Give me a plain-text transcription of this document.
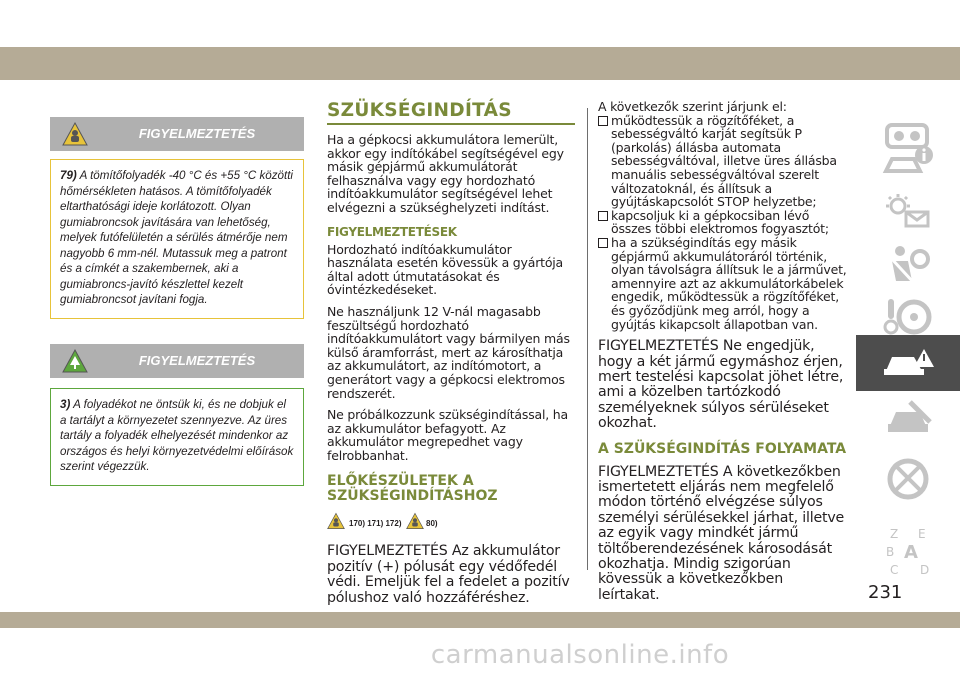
FIGYELMEZTETÉS
79) A tömítőfolyadék -40 °C és +55 °C közötti hőmérsékleten hatásos. A tömítőfolyadék eltarthatósági ideje korlátozott. Olyan gumiabroncsok javítására van lehetőség, melyek futófelületén a sérülés átmérője nem nagyobb 6 mm-nél. Mutassuk meg a patront és a címkét a szakembernek, aki a gumiabroncs-javító készlettel kezelt gumiabroncsot javítani fogja.
FIGYELMEZTETÉS
3) A folyadékot ne öntsük ki, és ne dobjuk el a tartályt a környezetet szennyezve. Az üres tartály a folyadék elhelyezését mindenkor az országos és helyi környezetvédelmi előírások szerint végezzük.
SZÜKSÉGINDÍTÁS

Ha a gépkocsi akkumulátora lemerült, akkor egy indítókábel segítségével egy másik gépjármű akkumulátorát felhasználva vagy egy hordozható indítóakkumulátor segítségével lehet elvégezni a szükséghelyzeti indítást.

FIGYELMEZTETÉSEK

Hordozható indítóakkumulátor használata esetén kövessük a gyártója által adott útmutatásokat és óvintézkedéseket.

Ne használjunk 12 V-nál magasabb feszültségű hordozható indítóakkumulátort vagy bármilyen más külső áramforrást, mert az károsíthatja az akkumulátort, az indítómotort, a generátort vagy a gépkocsi elektromos rendszerét.

Ne próbálkozzunk szükségindítással, ha az akkumulátor befagyott. Az akkumulátor megrepedhet vagy felrobbanhat.

ELŐKÉSZÜLETEK A SZÜKSÉGINDÍTÁSHOZ
170) 171) 172)	80)

FIGYELMEZTETÉS Az akkumulátor pozitív (+) pólusát egy védőfedél védi. Emeljük fel a fedelet a pozitív pólushoz való hozzáféréshez.

A következők szerint járjunk el:

működtessük a rögzítőféket, a sebességváltó karját segítsük P (parkolás) állásba automata sebességváltóval, illetve üres állásba manuális sebességváltóval szerelt változatoknál, és állítsuk a gyújtáskapcsolót STOP helyzetbe;
kapcsoljuk ki a gépkocsiban lévő összes többi elektromos fogyasztót;
ha a szükségindítás egy másik gépjármű akkumulátoráról történik, olyan távolságra állítsuk le a járművet, amennyire azt az akkumulátorkábelek engedik, működtessük a rögzítőféket, és győződjünk meg arról, hogy a gyújtás kikapcsolt állapotban van.

FIGYELMEZTETÉS Ne engedjük, hogy a két jármű egymáshoz érjen, mert testelési kapcsolat jöhet létre, ami a közelben tartózkodó személyeknek súlyos sérüléseket okozhat.

A SZÜKSÉGINDÍTÁS FOLYAMATA

FIGYELMEZTETÉS A következőkben ismertetett eljárás nem megfelelő módon történő elvégzése súlyos személyi sérülésekkel járhat, illetve az egyik vagy mindkét jármű töltőberendezésének károsodását okozhatja. Mindig szigorúan kövessük a következőkben leírtakat.

Z E
B A
C D
231
carmanualsonline.info
